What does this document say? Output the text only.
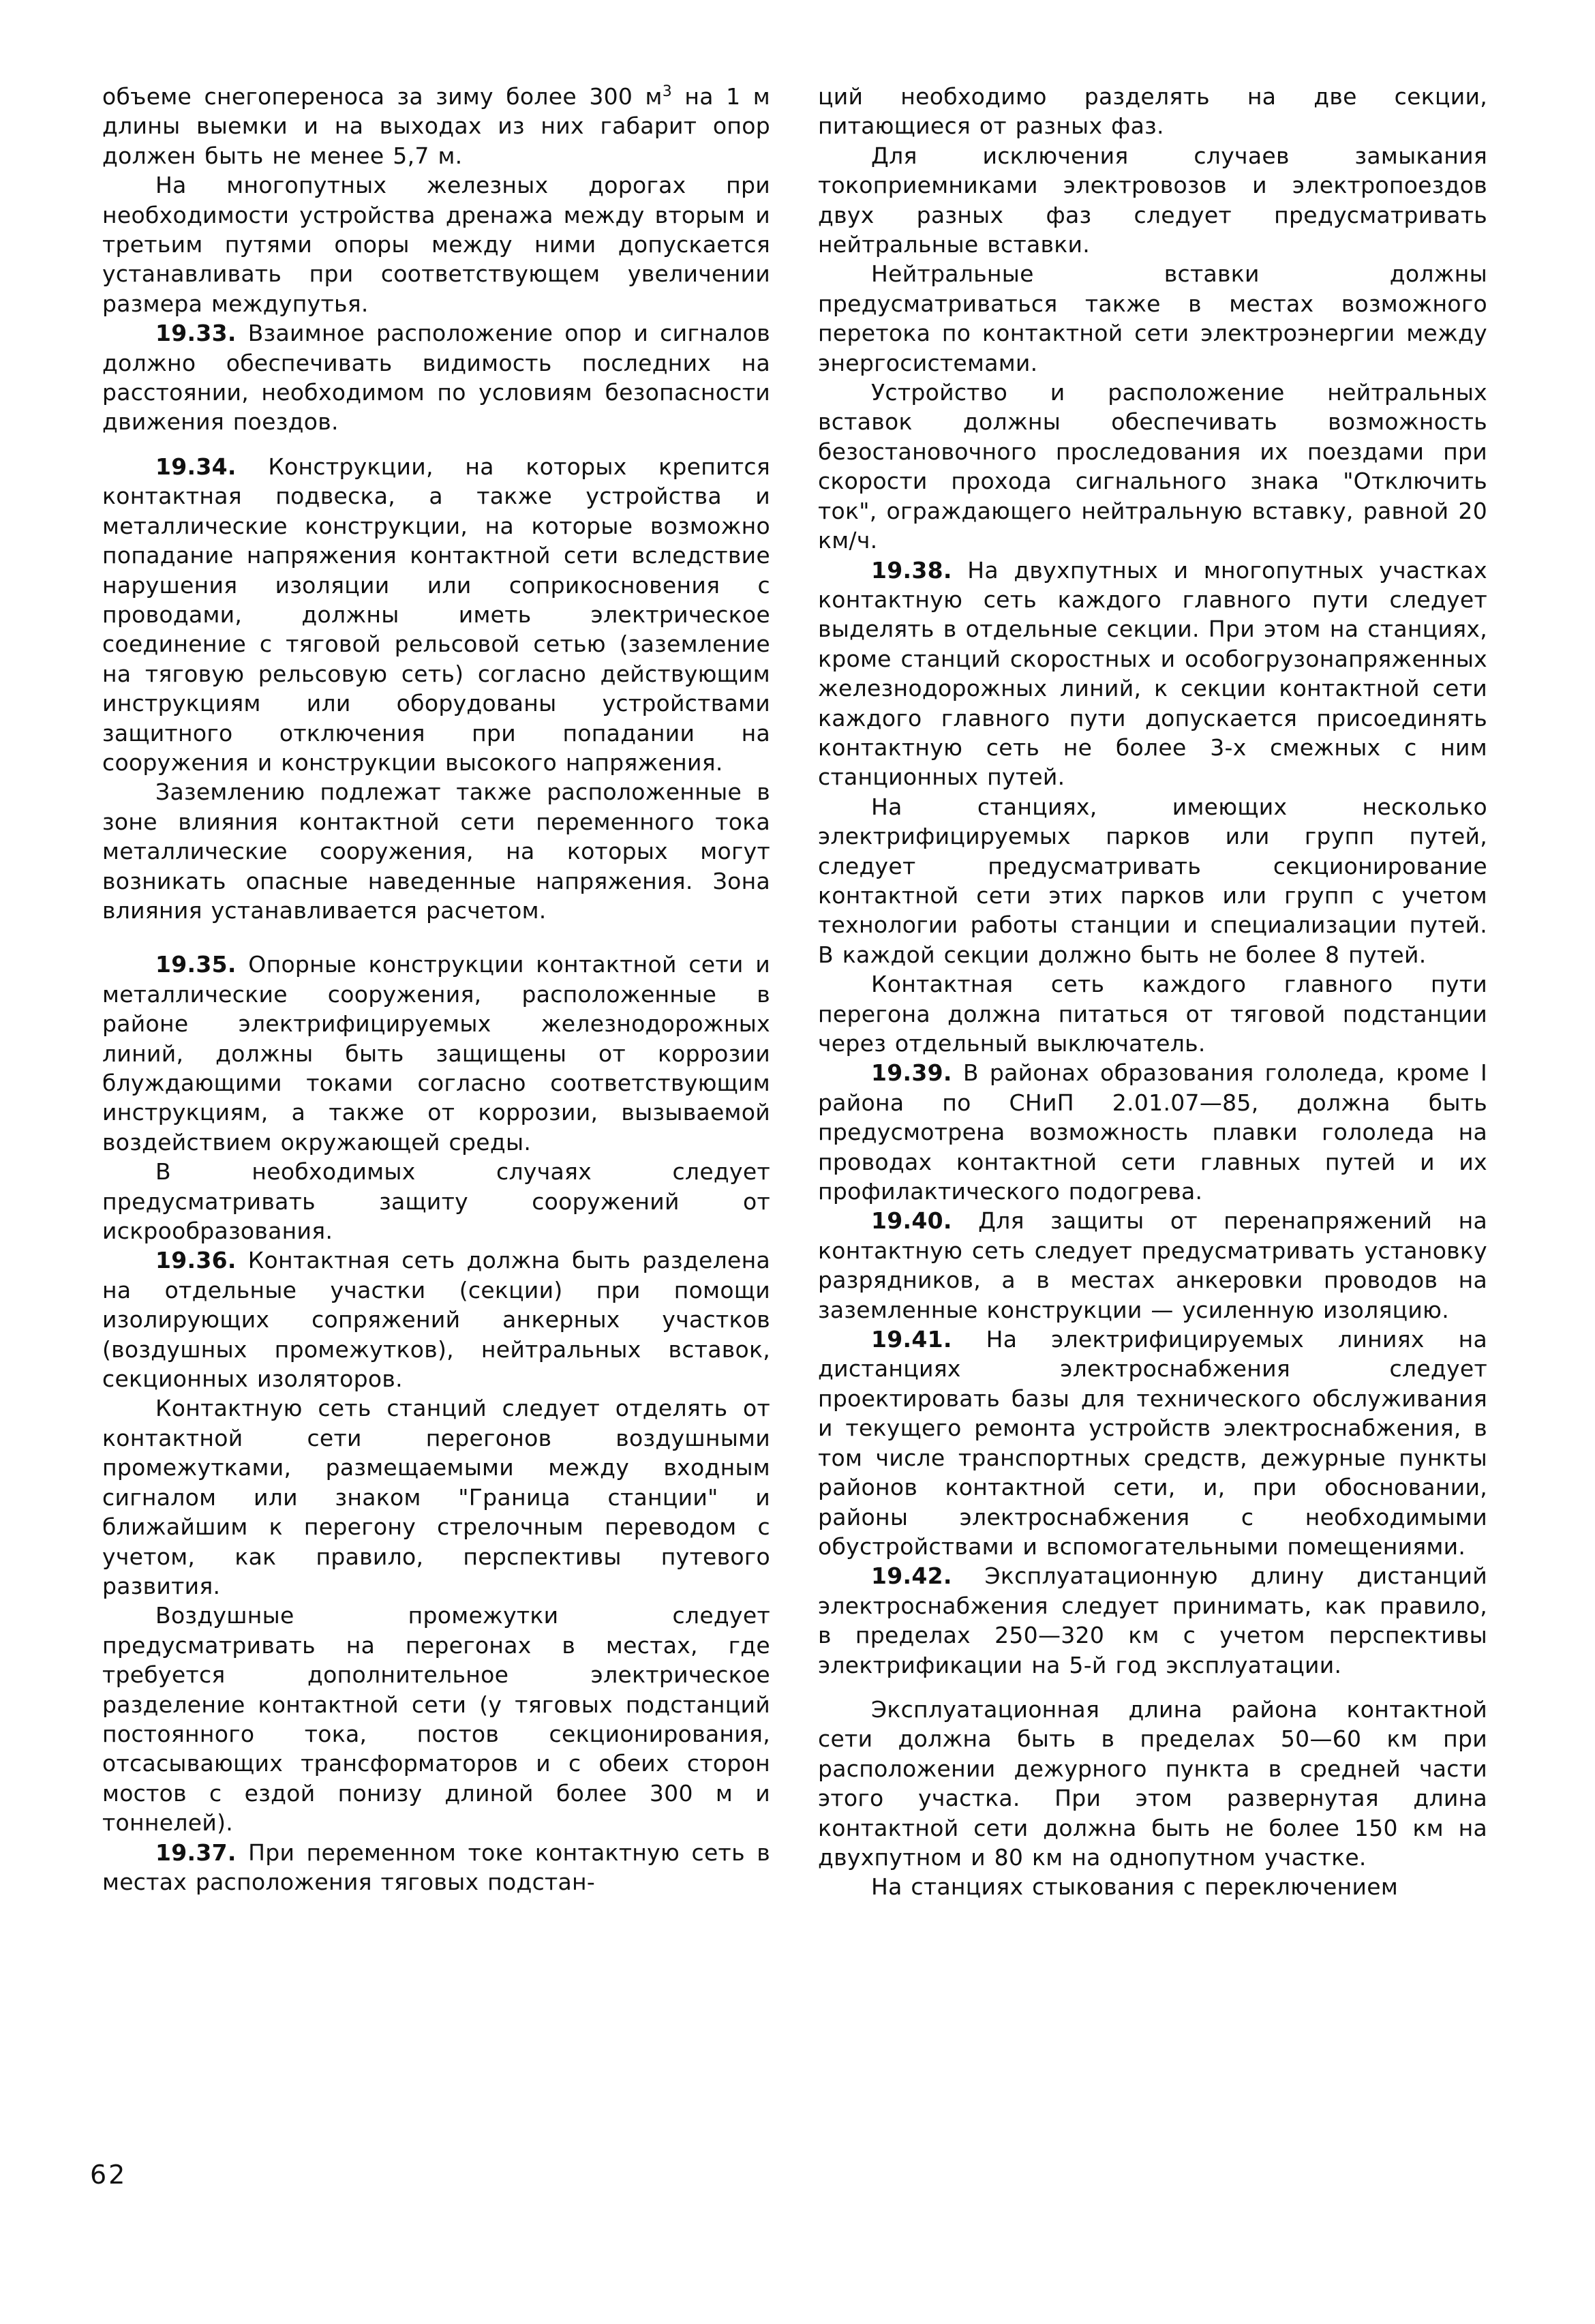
объеме снегопереноса за зиму более 300 $м^3$ на 1 м длины выемки и на выходах из них габарит опор должен быть не менее 5,7 м.

На многопутных железных дорогах при необходимости устройства дренажа между вторым и третьим путями опоры между ними допускается устанавливать при соответствующем увеличении размера междупутья.

19.33. Взаимное расположение опор и сигналов должно обеспечивать видимость последних на расстоянии, необходимом по условиям безопасности движения поездов.

19.34. Конструкции, на которых крепится контактная подвеска, а также устройства и металлические конструкции, на которые возможно попадание напряжения контактной сети вследствие нарушения изоляции или соприкосновения с проводами, должны иметь электрическое соединение с тяговой рельсовой сетью (заземление на тяговую рельсовую сеть) согласно действующим инструкциям или оборудованы устройствами защитного отключения при попадании на сооружения и конструкции высокого напряжения.

Заземлению подлежат также расположенные в зоне влияния контактной сети переменного тока металлические сооружения, на которых могут возникать опасные наведенные напряжения. Зона влияния устанавливается расчетом.

19.35. Опорные конструкции контактной сети и металлические сооружения, расположенные в районе электрифицируемых железнодорожных линий, должны быть защищены от коррозии блуждающими токами согласно соответствующим инструкциям, а также от коррозии, вызываемой воздействием окружающей среды.

В необходимых случаях следует предусматривать защиту сооружений от искрообразования.

19.36. Контактная сеть должна быть разделена на отдельные участки (секции) при помощи изолирующих сопряжений анкерных участков (воздушных промежутков), нейтральных вставок, секционных изоляторов.

Контактную сеть станций следует отделять от контактной сети перегонов воздушными промежутками, размещаемыми между входным сигналом или знаком "Граница станции" и ближайшим к перегону стрелочным переводом с учетом, как правило, перспективы путевого развития.

Воздушные промежутки следует предусматривать на перегонах в местах, где требуется дополнительное электрическое разделение контактной сети (у тяговых подстанций постоянного тока, постов секционирования, отсасывающих трансформаторов и с обеих сторон мостов с ездой понизу длиной более 300 м и тоннелей).

19.37. При переменном токе контактную сеть в местах расположения тяговых подстан-

ций необходимо разделять на две секции, питающиеся от разных фаз.

Для исключения случаев замыкания токоприемниками электровозов и электропоездов двух разных фаз следует предусматривать нейтральные вставки.

Нейтральные вставки должны предусматриваться также в местах возможного перетока по контактной сети электроэнергии между энергосистемами.

Устройство и расположение нейтральных вставок должны обеспечивать возможность безостановочного проследования их поездами при скорости прохода сигнального знака "Отключить ток", ограждающего нейтральную вставку, равной 20 км/ч.

19.38. На двухпутных и многопутных участках контактную сеть каждого главного пути следует выделять в отдельные секции. При этом на станциях, кроме станций скоростных и особогрузонапряженных железнодорожных линий, к секции контактной сети каждого главного пути допускается присоединять контактную сеть не более 3-х смежных с ним станционных путей.

На станциях, имеющих несколько электрифицируемых парков или групп путей, следует предусматривать секционирование контактной сети этих парков или групп с учетом технологии работы станции и специализации путей. В каждой секции должно быть не более 8 путей.

Контактная сеть каждого главного пути перегона должна питаться от тяговой подстанции через отдельный выключатель.

19.39. В районах образования гололеда, кроме I района по СНиП 2.01.07—85, должна быть предусмотрена возможность плавки гололеда на проводах контактной сети главных путей и их профилактического подогрева.

19.40. Для защиты от перенапряжений на контактную сеть следует предусматривать установку разрядников, а в местах анкеровки проводов на заземленные конструкции — усиленную изоляцию.

19.41. На электрифицируемых линиях на дистанциях электроснабжения следует проектировать базы для технического обслуживания и текущего ремонта устройств электроснабжения, в том числе транспортных средств, дежурные пункты районов контактной сети, и, при обосновании, районы электроснабжения с необходимыми обустройствами и вспомогательными помещениями.

19.42. Эксплуатационную длину дистанций электроснабжения следует принимать, как правило, в пределах 250—320 км с учетом перспективы электрификации на 5-й год эксплуатации.

Эксплуатационная длина района контактной сети должна быть в пределах 50—60 км при расположении дежурного пункта в средней части этого участка. При этом развернутая длина контактной сети должна быть не более 150 км на двухпутном и 80 км на однопутном участке.

На станциях стыкования с переключением

62
